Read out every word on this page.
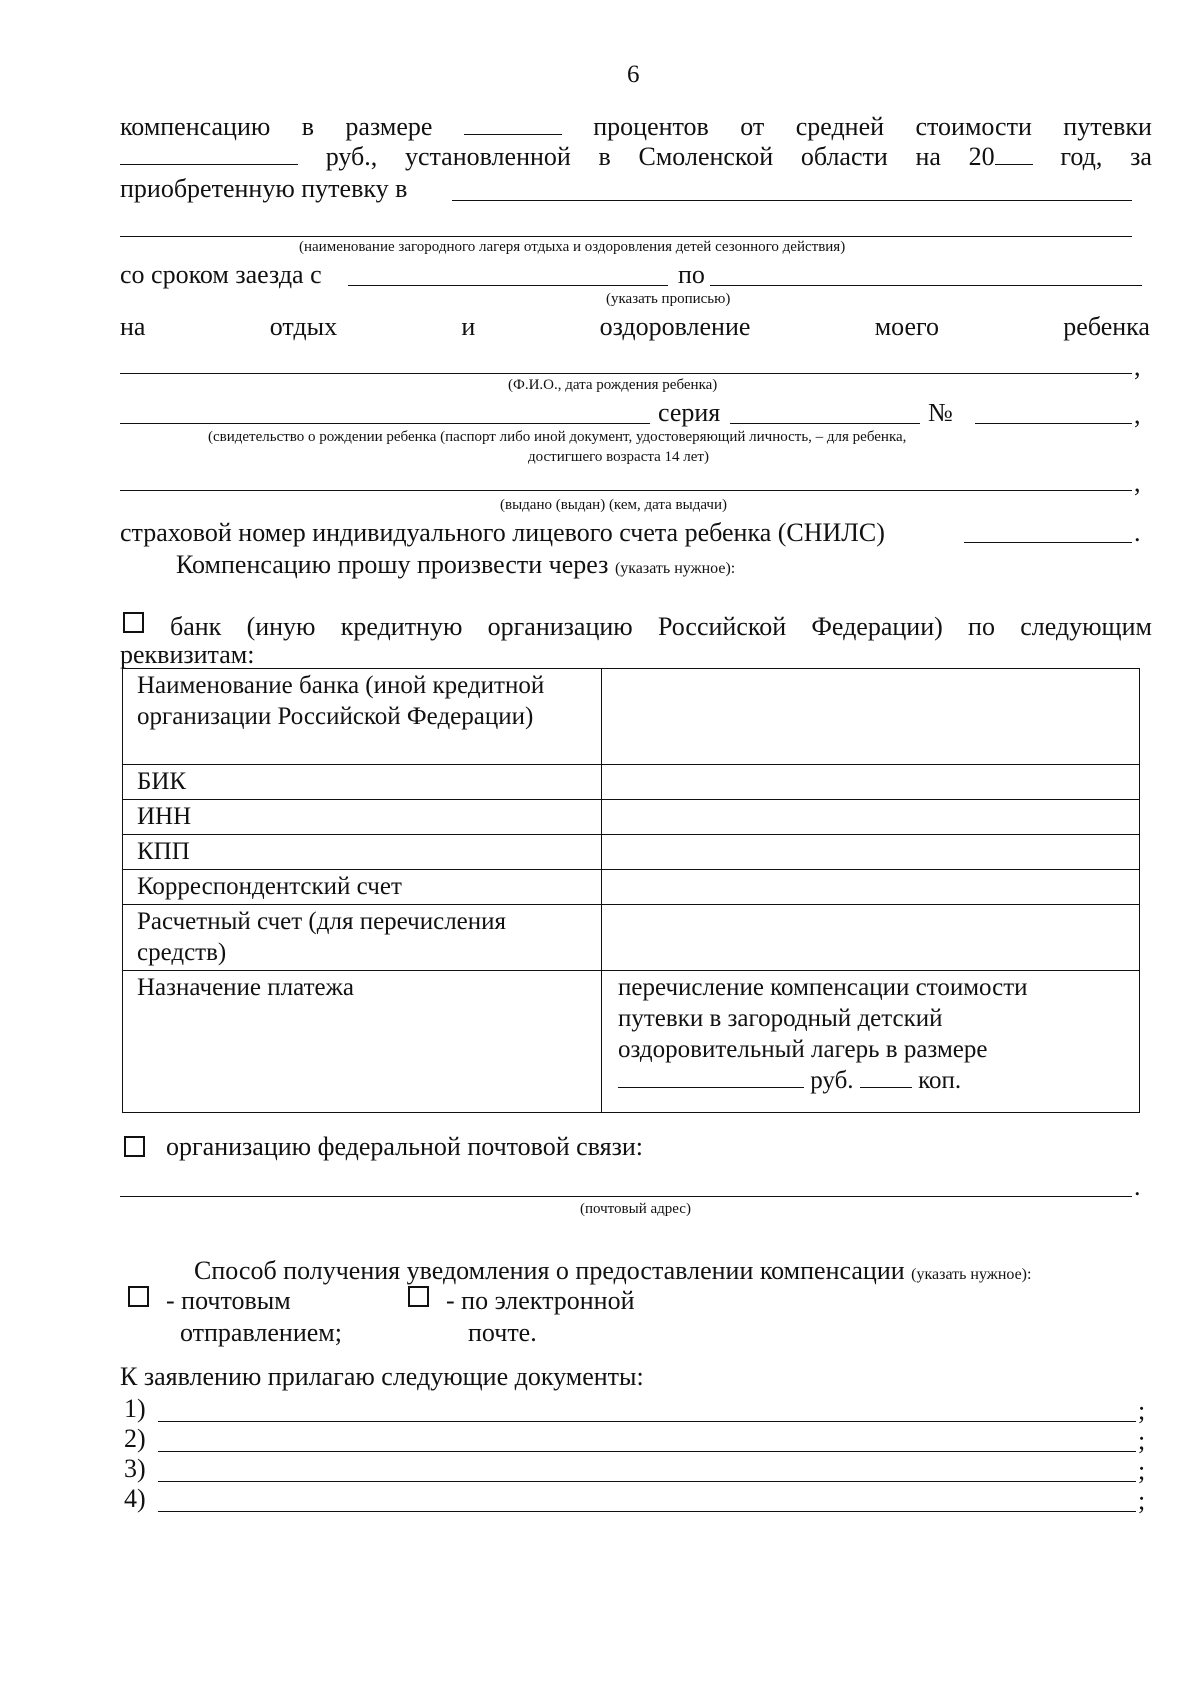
6
компенсацию в размере	процентов от средней стоимости путевки
руб., установленной в Смоленской области на 20	год, за
приобретенную путевку в
(наименование загородного лагеря отдыха и оздоровления детей сезонного действия)
со сроком заезда с	по
(указать прописью)
на	отдых	и	оздоровление	моего	ребенка
,
(Ф.И.О., дата рождения ребенка)
серия	№	,
(свидетельство о рождении ребенка (паспорт либо иной документ, удостоверяющий личность, – для ребенка,
достигшего возраста 14 лет)
,
(выдано (выдан) (кем, дата выдачи)
страховой номер индивидуального лицевого счета ребенка (СНИЛС)	.
Компенсацию прошу произвести через (указать нужное):
банк (иную кредитную организацию Российской Федерации) по следующим
реквизитам:
Наименование банка (иной кредитной организации Российской Федерации)	
БИК	
ИНН	
КПП	
Корреспондентский счет	
Расчетный счет (для перечисления средств)	
Назначение платежа	перечисление компенсации стоимости путевки в загородный детский оздоровительный лагерь в размере
руб. коп.
организацию федеральной почтовой связи:
.
(почтовый адрес)
Способ получения уведомления о предоставлении компенсации (указать нужное):
- почтовым
отправлением;
- по электронной
почте.
К заявлению прилагаю следующие документы:
1)	;
2)	;
3)	;
4)	;
